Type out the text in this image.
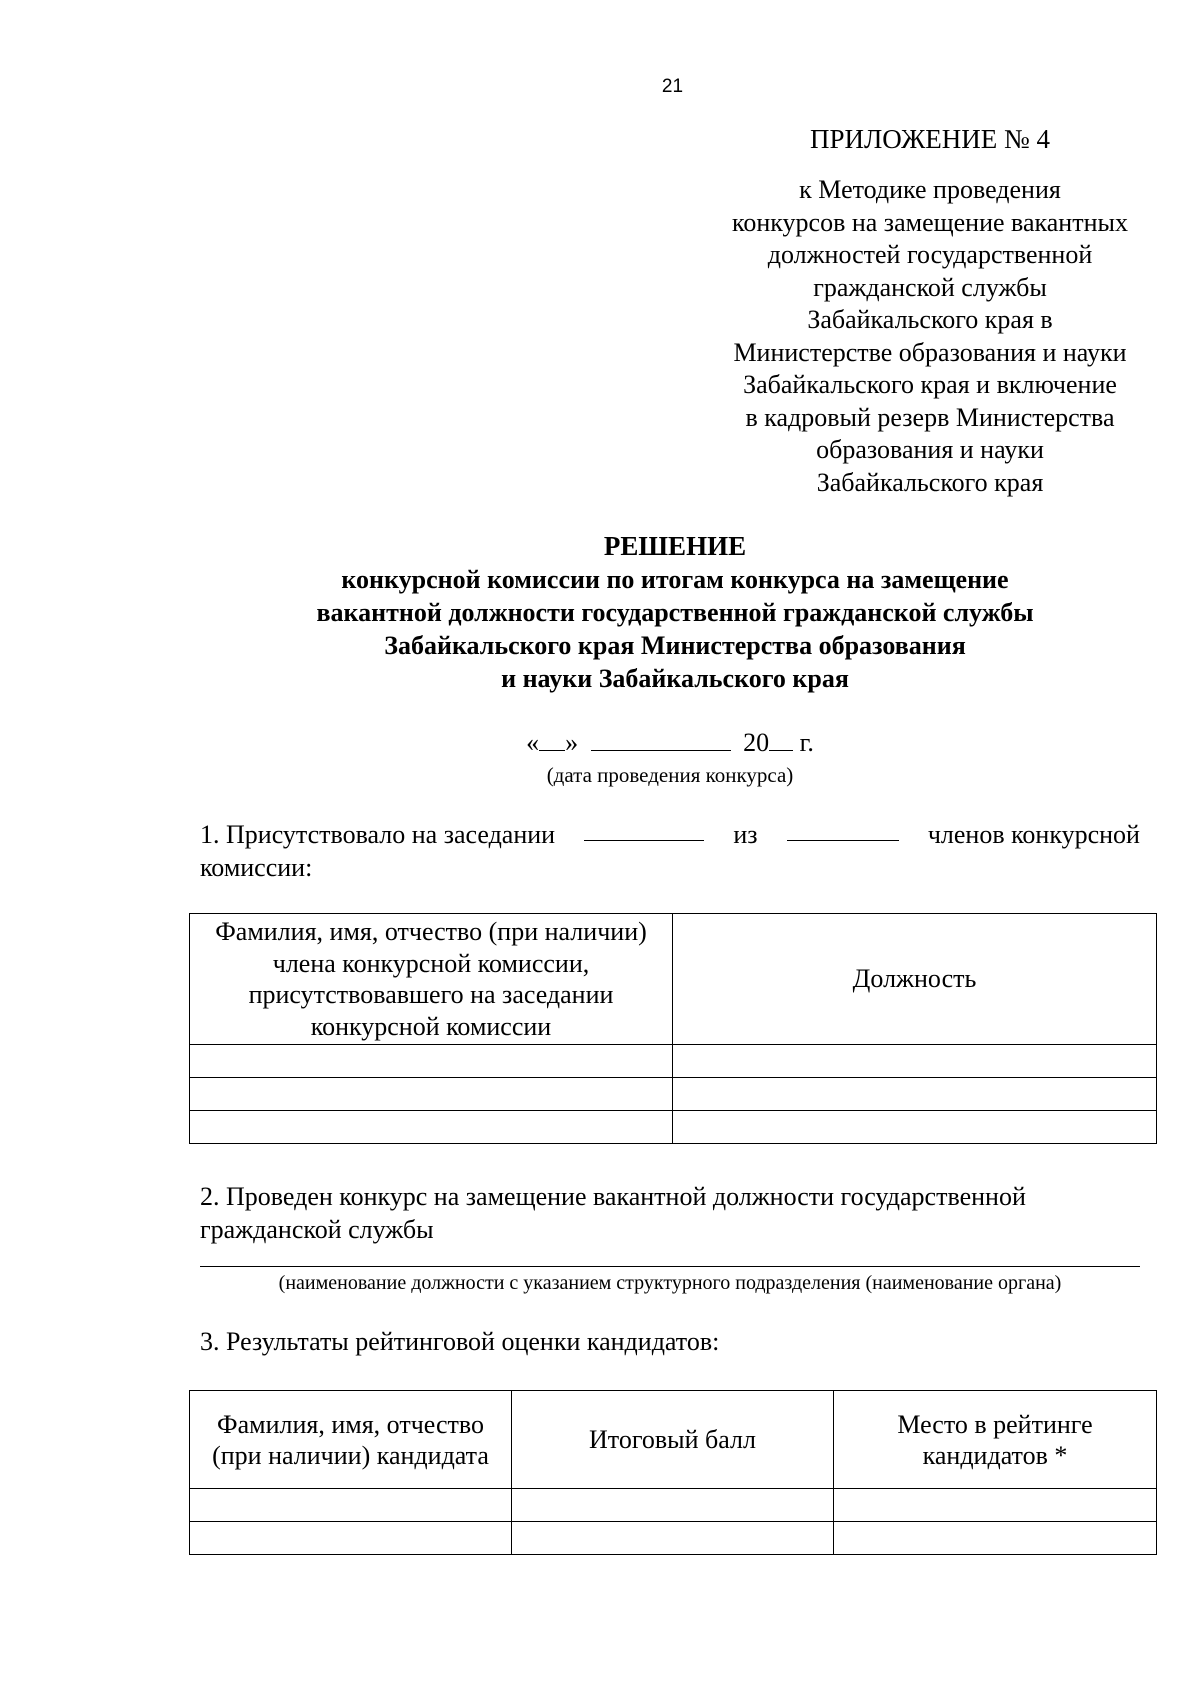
21
ПРИЛОЖЕНИЕ № 4
к Методике проведения
конкурсов на замещение вакантных
должностей государственной
гражданской службы
Забайкальского края в
Министерстве образования и науки
Забайкальского края и включение
в кадровый резерв Министерства
образования и науки
Забайкальского края
РЕШЕНИЕ
конкурсной комиссии по итогам конкурса на замещение
вакантной должности государственной гражданской службы
Забайкальского края Министерства образования
и науки Забайкальского края
« »	20 г.
(дата проведения конкурса)
1. Присутствовало на заседании	из	членов конкурсной
комиссии:
Фамилия, имя, отчество (при наличии) члена конкурсной комиссии, присутствовавшего на заседании конкурсной комиссии	Должность

2. Проведен конкурс на замещение вакантной должности государственной гражданской службы
(наименование должности с указанием структурного подразделения (наименование органа)
3. Результаты рейтинговой оценки кандидатов:
Фамилия, имя, отчество (при наличии) кандидата	Итоговый балл	Место в рейтинге кандидатов *
